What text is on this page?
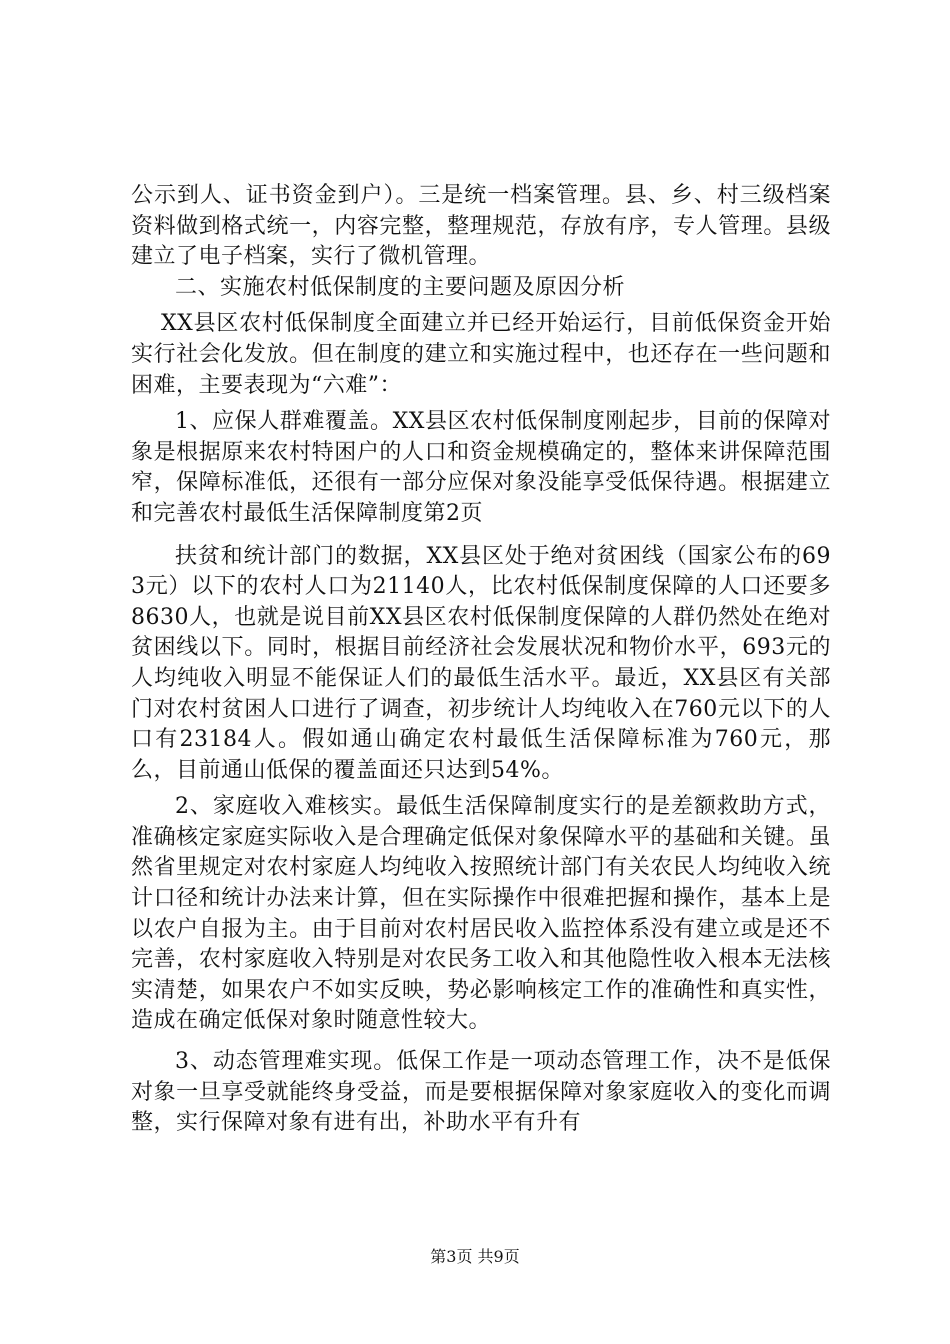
公示到人、证书资金到户）。三是统一档案管理。县、乡、村三级档案资料做到格式统一，内容完整，整理规范，存放有序，专人管理。县级建立了电子档案，实行了微机管理。

二、实施农村低保制度的主要问题及原因分析

XX县区农村低保制度全面建立并已经开始运行，目前低保资金开始实行社会化发放。但在制度的建立和实施过程中，也还存在一些问题和困难，主要表现为“六难”：

1、应保人群难覆盖。XX县区农村低保制度刚起步，目前的保障对象是根据原来农村特困户的人口和资金规模确定的，整体来讲保障范围窄，保障标准低，还很有一部分应保对象没能享受低保待遇。根据建立和完善农村最低生活保障制度第2页

扶贫和统计部门的数据，XX县区处于绝对贫困线（国家公布的693元）以下的农村人口为21140人，比农村低保制度保障的人口还要多8630人，也就是说目前XX县区农村低保制度保障的人群仍然处在绝对贫困线以下。同时，根据目前经济社会发展状况和物价水平，693元的人均纯收入明显不能保证人们的最低生活水平。最近，XX县区有关部门对农村贫困人口进行了调查，初步统计人均纯收入在760元以下的人口有23184人。假如通山确定农村最低生活保障标准为760元，那么，目前通山低保的覆盖面还只达到54%。

2、家庭收入难核实。最低生活保障制度实行的是差额救助方式，准确核定家庭实际收入是合理确定低保对象保障水平的基础和关键。虽然省里规定对农村家庭人均纯收入按照统计部门有关农民人均纯收入统计口径和统计办法来计算，但在实际操作中很难把握和操作，基本上是以农户自报为主。由于目前对农村居民收入监控体系没有建立或是还不完善，农村家庭收入特别是对农民务工收入和其他隐性收入根本无法核实清楚，如果农户不如实反映，势必影响核定工作的准确性和真实性，造成在确定低保对象时随意性较大。

3、动态管理难实现。低保工作是一项动态管理工作，决不是低保对象一旦享受就能终身受益，而是要根据保障对象家庭收入的变化而调整，实行保障对象有进有出，补助水平有升有

第3页 共9页
